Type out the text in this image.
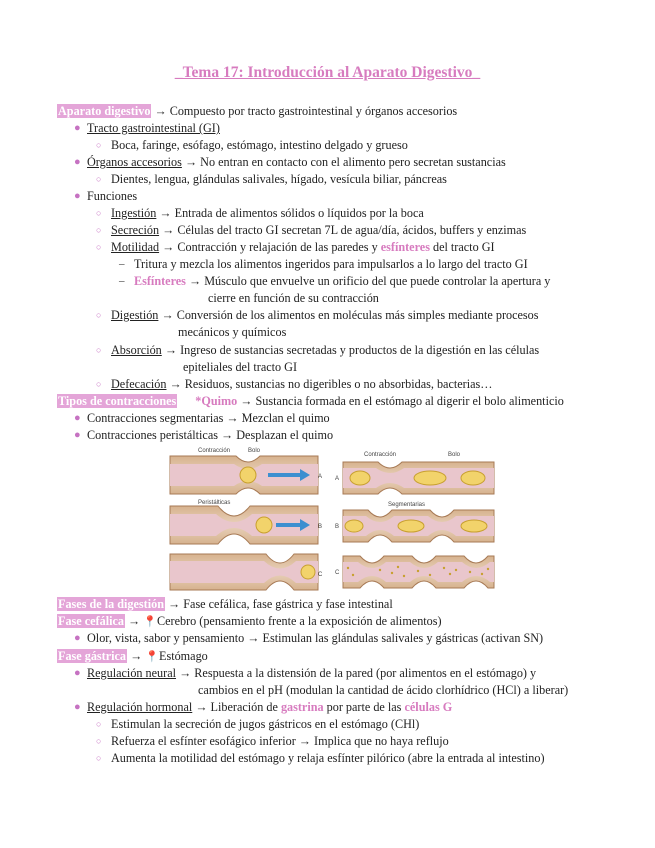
_Tema 17: Introducción al Aparato Digestivo_
Aparato digestivo → Compuesto por tracto gastrointestinal y órganos accesorios
● Tracto gastrointestinal (GI)
○ Boca, faringe, esófago, estómago, intestino delgado y grueso
● Órganos accesorios → No entran en contacto con el alimento pero secretan sustancias
○ Dientes, lengua, glándulas salivales, hígado, vesícula biliar, páncreas
● Funciones
○ Ingestión → Entrada de alimentos sólidos o líquidos por la boca
○ Secreción → Células del tracto GI secretan 7L de agua/día, ácidos, buffers y enzimas
○ Motilidad → Contracción y relajación de las paredes y esfínteres del tracto GI
– Tritura y mezcla los alimentos ingeridos para impulsarlos a lo largo del tracto GI
– Esfínteres → Músculo que envuelve un orificio del que puede controlar la apertura y
cierre en función de su contracción
○ Digestión → Conversión de los alimentos en moléculas más simples mediante procesos
mecánicos y químicos
○ Absorción → Ingreso de sustancias secretadas y productos de la digestión en las células
epiteliales del tracto GI
○ Defecación → Residuos, sustancias no digeribles o no absorbidas, bacterias…
Tipos de contracciones *Quimo → Sustancia formada en el estómago al digerir el bolo alimenticio
● Contracciones segmentarias → Mezclan el quimo
● Contracciones peristálticas → Desplazan el quimo
Contracción	Bolo
Peristálticas
A
B
C
Contracción	Bolo
A
Segmentarias
B
C
Fases de la digestión → Fase cefálica, fase gástrica y fase intestinal
Fase cefálica → 📍Cerebro (pensamiento frente a la exposición de alimentos)
● Olor, vista, sabor y pensamiento → Estimulan las glándulas salivales y gástricas (activan SN)
Fase gástrica → 📍Estómago
● Regulación neural → Respuesta a la distensión de la pared (por alimentos en el estómago) y
cambios en el pH (modulan la cantidad de ácido clorhídrico (HCl) a liberar)
● Regulación hormonal → Liberación de gastrina por parte de las células G
○ Estimulan la secreción de jugos gástricos en el estómago (CHl)
○ Refuerza el esfínter esofágico inferior → Implica que no haya reflujo
○ Aumenta la motilidad del estómago y relaja esfínter pilórico (abre la entrada al intestino)
